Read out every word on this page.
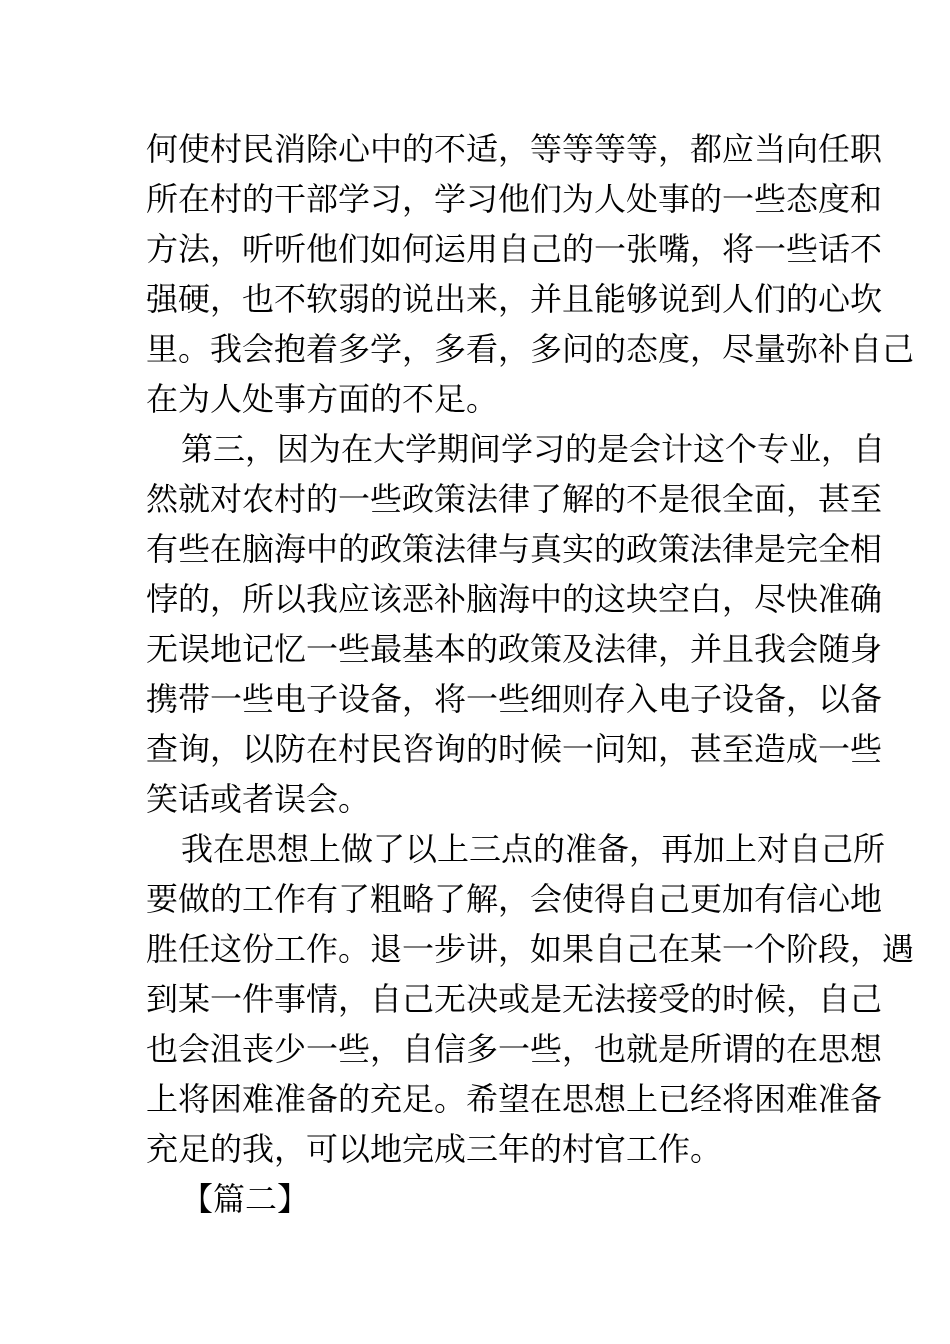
何使村民消除心中的不适，等等等等，都应当向任职
所在村的干部学习，学习他们为人处事的一些态度和
方法，听听他们如何运用自己的一张嘴，将一些话不
强硬，也不软弱的说出来，并且能够说到人们的心坎
里。我会抱着多学，多看，多问的态度，尽量弥补自己
在为人处事方面的不足。
第三，因为在大学期间学习的是会计这个专业，自
然就对农村的一些政策法律了解的不是很全面，甚至
有些在脑海中的政策法律与真实的政策法律是完全相
悖的，所以我应该恶补脑海中的这块空白，尽快准确
无误地记忆一些最基本的政策及法律，并且我会随身
携带一些电子设备，将一些细则存入电子设备，以备
查询，以防在村民咨询的时候一问知，甚至造成一些
笑话或者误会。
我在思想上做了以上三点的准备，再加上对自己所
要做的工作有了粗略了解，会使得自己更加有信心地
胜任这份工作。退一步讲，如果自己在某一个阶段，遇
到某一件事情，自己无决或是无法接受的时候，自己
也会沮丧少一些，自信多一些，也就是所谓的在思想
上将困难准备的充足。希望在思想上已经将困难准备
充足的我，可以地完成三年的村官工作。
【篇二】
